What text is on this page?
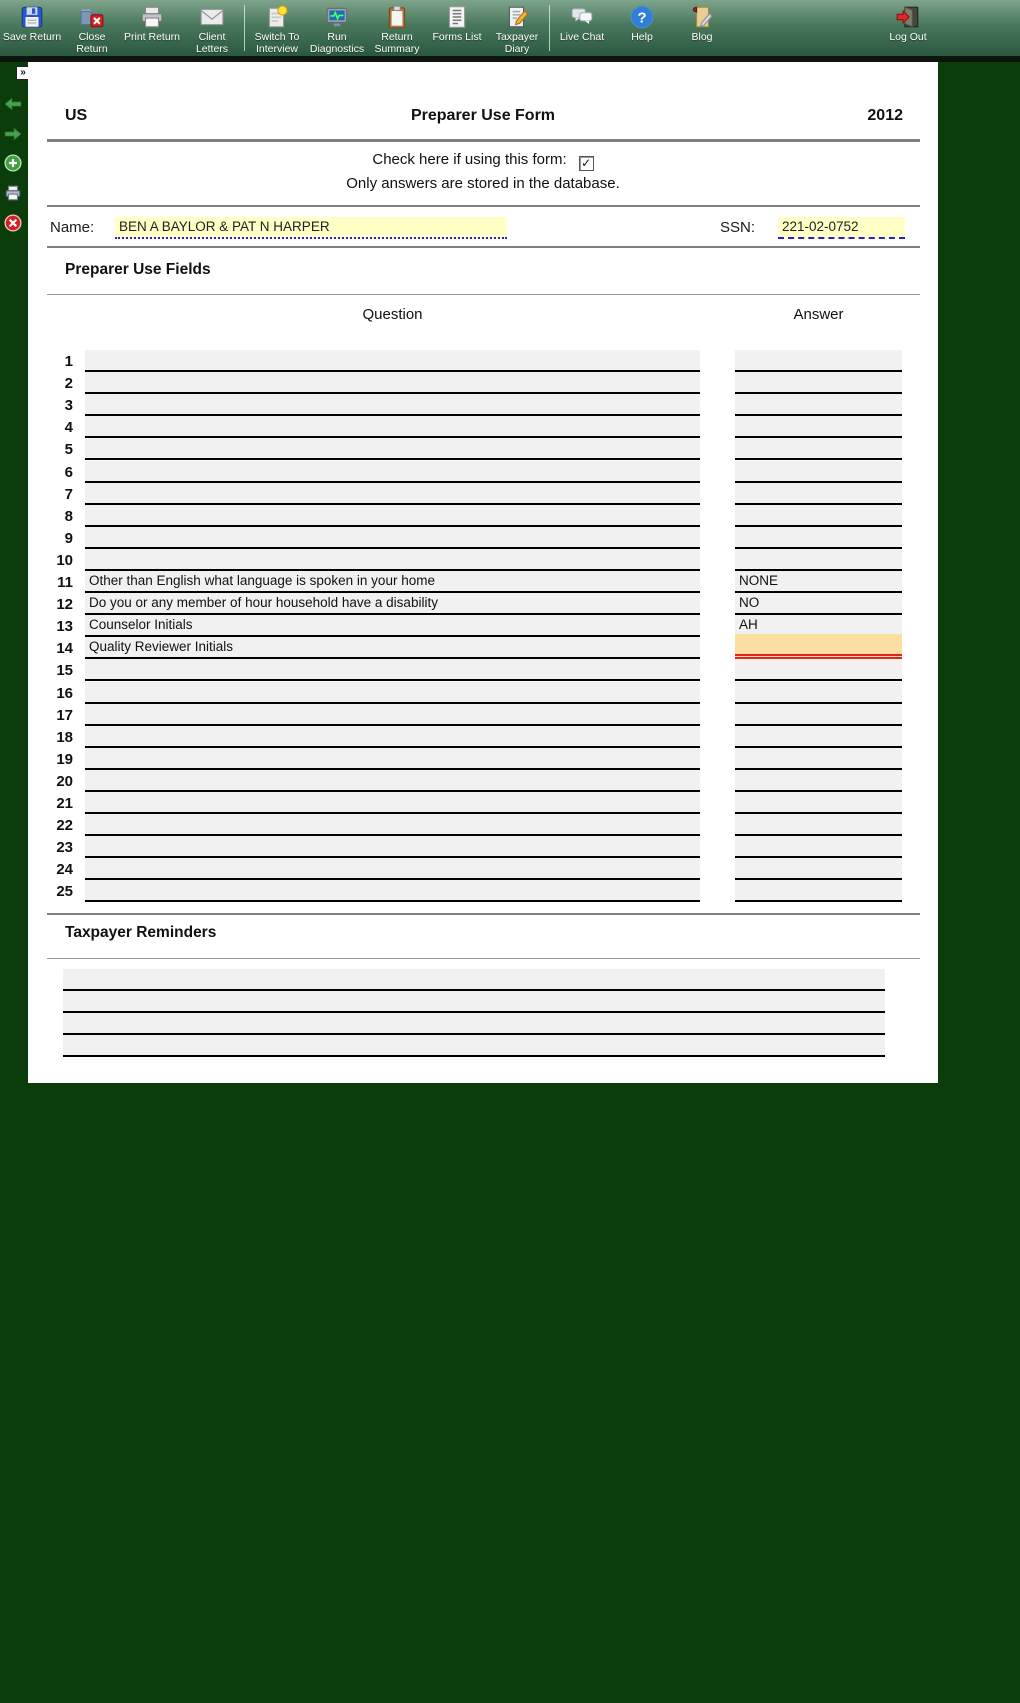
Save Return	Close Return
Print Return	Client Letters
Switch To Interview
Run Diagnostics
Return Summary
Forms List	Taxpayer Diary
Live Chat
?
Help	Blog	Log Out
»
US	Preparer Use Form	2012
Check here if using this form: ✓
Only answers are stored in the database.
Name: BEN A BAYLOR & PAT N HARPER	SSN: 221-02-0752
Preparer Use Fields
Question	Answer
1
2
3
4
5
6
7
8
9
10
11 Other than English what language is spoken in your home	NONE
12 Do you or any member of hour household have a disability	NO
13 Counselor Initials	AH
14 Quality Reviewer Initials
15
16
17
18
19
20
21
22
23
24
25
Taxpayer Reminders
